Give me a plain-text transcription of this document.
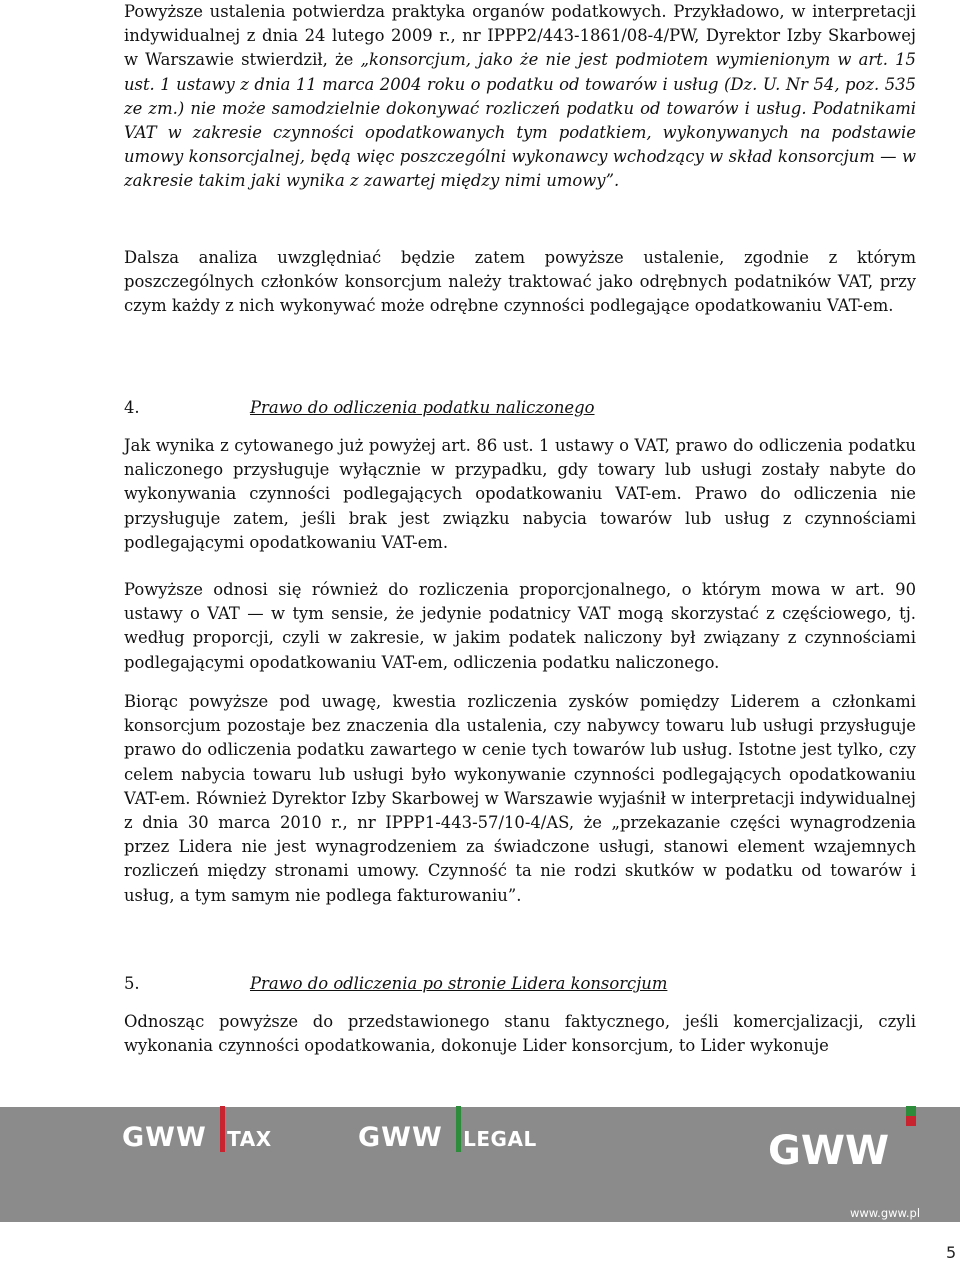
Powyższe ustalenia potwierdza praktyka organów podatkowych. Przykładowo, w interpretacji indywidualnej z dnia 24 lutego 2009 r., nr IPPP2/443-1861/08-4/PW, Dyrektor Izby Skarbowej w Warszawie stwierdził, że „konsorcjum, jako że nie jest podmiotem wymienionym w art. 15 ust. 1 ustawy z dnia 11 marca 2004 roku o podatku od towarów i usług (Dz. U. Nr 54, poz. 535 ze zm.) nie może samodzielnie dokonywać rozliczeń podatku od towarów i usług. Podatnikami VAT w zakresie czynności opodatkowanych tym podatkiem, wykonywanych na podstawie umowy konsorcjalnej, będą więc poszczególni wykonawcy wchodzący w skład konsorcjum — w zakresie takim jaki wynika z zawartej między nimi umowy”.

Dalsza analiza uwzględniać będzie zatem powyższe ustalenie, zgodnie z którym poszczególnych członków konsorcjum należy traktować jako odrębnych podatników VAT, przy czym każdy z nich wykonywać może odrębne czynności podlegające opodatkowaniu VAT-em.

4.	Prawo do odliczenia podatku naliczonego

Jak wynika z cytowanego już powyżej art. 86 ust. 1 ustawy o VAT, prawo do odliczenia podatku naliczonego przysługuje wyłącznie w przypadku, gdy towary lub usługi zostały nabyte do wykonywania czynności podlegających opodatkowaniu VAT-em. Prawo do odliczenia nie przysługuje zatem, jeśli brak jest związku nabycia towarów lub usług z czynnościami podlegającymi opodatkowaniu VAT-em.

Powyższe odnosi się również do rozliczenia proporcjonalnego, o którym mowa w art. 90 ustawy o VAT — w tym sensie, że jedynie podatnicy VAT mogą skorzystać z częściowego, tj. według proporcji, czyli w zakresie, w jakim podatek naliczony był związany z czynnościami podlegającymi opodatkowaniu VAT-em, odliczenia podatku naliczonego.

Biorąc powyższe pod uwagę, kwestia rozliczenia zysków pomiędzy Liderem a członkami konsorcjum pozostaje bez znaczenia dla ustalenia, czy nabywcy towaru lub usługi przysługuje prawo do odliczenia podatku zawartego w cenie tych towarów lub usług. Istotne jest tylko, czy celem nabycia towaru lub usługi było wykonywanie czynności podlegających opodatkowaniu VAT-em. Również Dyrektor Izby Skarbowej w Warszawie wyjaśnił w interpretacji indywidualnej z dnia 30 marca 2010 r., nr IPPP1-443-57/10-4/AS, że „przekazanie części wynagrodzenia przez Lidera nie jest wynagrodzeniem za świadczone usługi, stanowi element wzajemnych rozliczeń między stronami umowy. Czynność ta nie rodzi skutków w podatku od towarów i usług, a tym samym nie podlega fakturowaniu”.

5.	Prawo do odliczenia po stronie Lidera konsorcjum

Odnosząc powyższe do przedstawionego stanu faktycznego, jeśli komercjalizacji, czyli wykonania czynności opodatkowania, dokonuje Lider konsorcjum, to Lider wykonuje

GWW TAX	GWW LEGAL	GWW
www.gww.pl
5
